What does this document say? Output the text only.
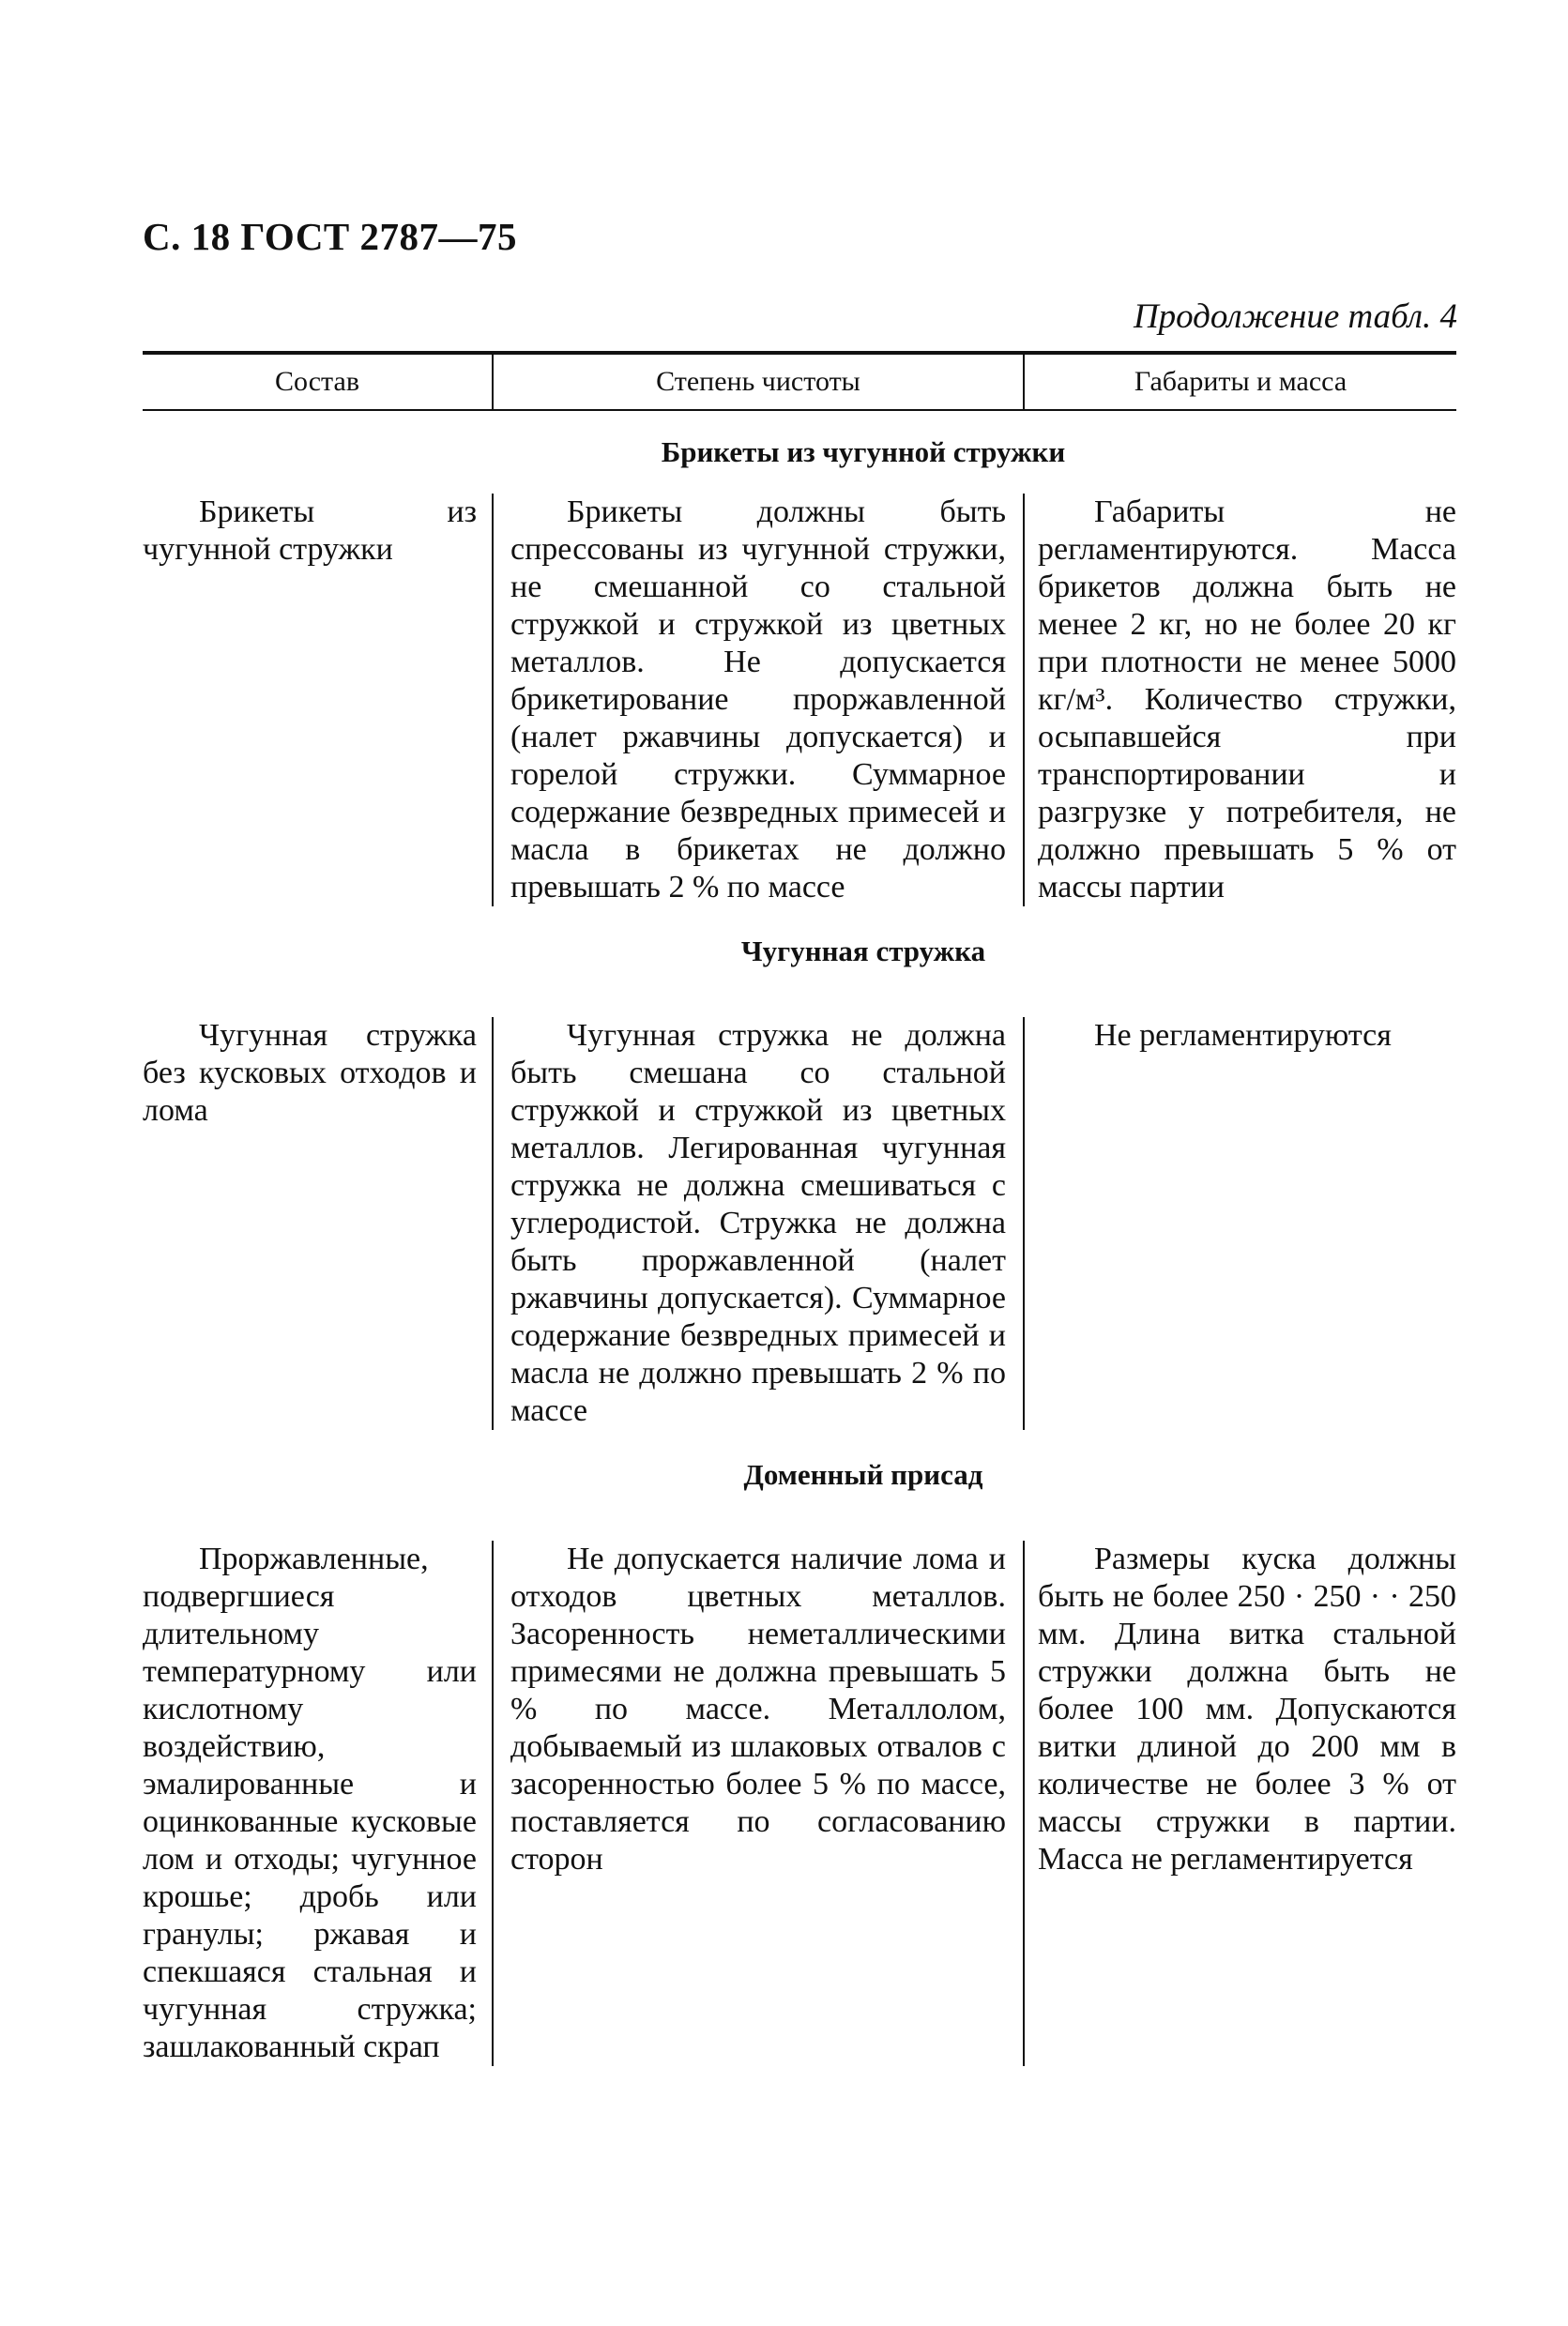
С. 18 ГОСТ 2787—75
Продолжение табл. 4
Состав	Степень чистоты	Габариты и масса
Брикеты из чугунной стружки
Брикеты из чугунной стружки
Брикеты должны быть спрессованы из чугунной стружки, не смешанной со стальной стружкой и стружкой из цветных металлов. Не допускается брикетирование проржавленной (налет ржавчины допускается) и горелой стружки. Суммарное содержание безвредных примесей и масла в брикетах не должно превышать 2 % по массе
Габариты не регламентируются. Масса брикетов должна быть не менее 2 кг, но не более 20 кг при плотности не менее 5000 кг/м³. Количество стружки, осыпавшейся при транспортировании и разгрузке у потребителя, не должно превышать 5 % от массы партии
Чугунная стружка
Чугунная стружка без кусковых отходов и лома
Чугунная стружка не должна быть смешана со стальной стружкой и стружкой из цветных металлов. Легированная чугунная стружка не должна смешиваться с углеродистой. Стружка не должна быть проржавленной (налет ржавчины допускается). Суммарное содержание безвредных примесей и масла не должно превышать 2 % по массе
Не регламентируются
Доменный присад
Проржавленные, подвергшиеся длительному температурному или кислотному воздействию, эмалированные и оцинкованные кусковые лом и отходы; чугунное крошье; дробь или гранулы; ржавая и спекшаяся стальная и чугунная стружка; зашлакованный скрап
Не допускается наличие лома и отходов цветных металлов. Засоренность неметаллическими примесями не должна превышать 5 % по массе. Металлолом, добываемый из шлаковых отвалов с засоренностью более 5 % по массе, поставляется по согласованию сторон
Размеры куска должны быть не более 250 · 250 · · 250 мм. Длина витка стальной стружки должна быть не более 100 мм. Допускаются витки длиной до 200 мм в количестве не более 3 % от массы стружки в партии. Масса не регламентируется
